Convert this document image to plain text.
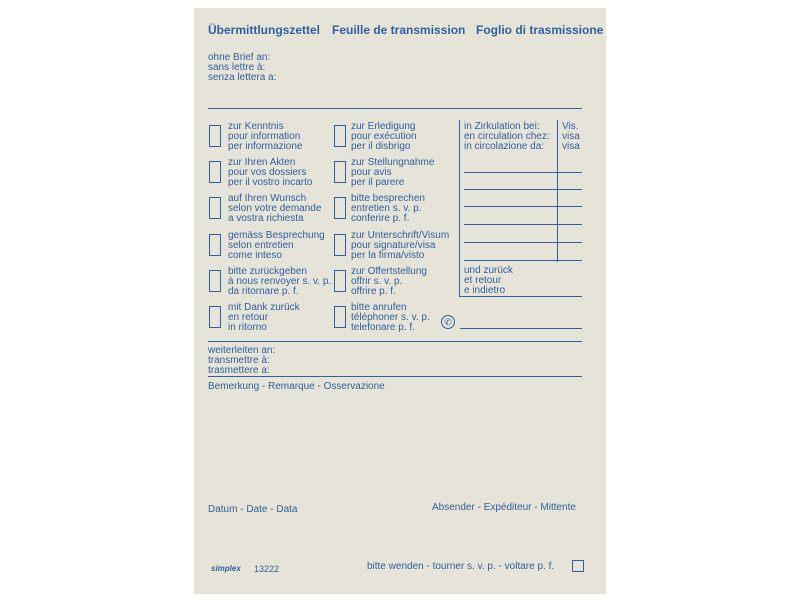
Übermittlungszettel Feuille de transmission Foglio di trasmissione
ohne Brief an:
sans lettre à:
senza lettera a:
zur Kenntnis
pour information
per informazione
zur Ihren Akten
pour vos dossiers
per il vostro incarto
auf Ihren Wunsch
selon votre demande
a vostra richiesta
gemäss Besprechung
selon entretien
come inteso
bitte zurückgeben
à nous renvoyer s. v. p.
da ritornare p. f.
mit Dank zurück
en retour
in ritorno
zur Erledigung
pour exécution
per il disbrigo
zur Stellungnahme
pour avis
per il parere
bitte besprechen
entretien s. v. p.
conferire p. f.
zur Unterschrift/Visum
pour signature/visa
per la firma/visto
zur Offertstellung
offrir s. v. p.
offrire p. f.
bitte anrufen
téléphoner s. v. p.
telefonare p. f.	✆
in Zirkulation bei:
en circulation chez:
in circolazione da:
Vis.
visa
visa
und zurück
et retour
e indietro
weiterleiten an:
transmettre à:
trasmettere a:
Bemerkung - Remarque - Osservazione
Datum - Date - Data	Absender - Expéditeur - Mittente
simplex 13222	bitte wenden - tourner s. v. p. - voltare p. f.
